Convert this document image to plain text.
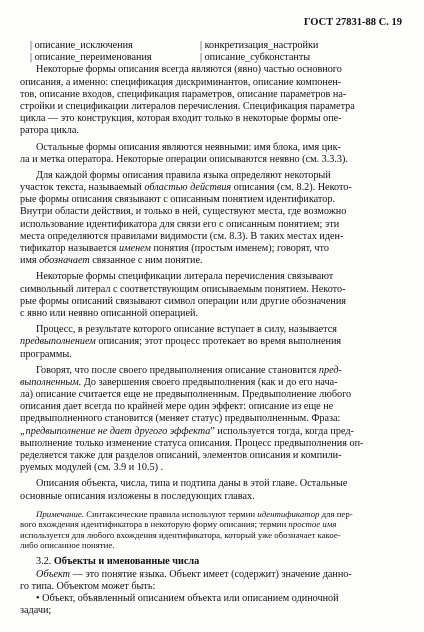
ГОСТ 27831-88 С. 19
| описание_исключения	| конкретизация_настройки
| описание_переименования	| описание_субконстанты
Некоторые формы описания всегда являются (явно) частью основного
описания, а именно: спецификация дискриминантов, описание компонен-
тов, описание входов, спецификация параметров, описание параметров на-
стройки и спецификации литералов перечисления. Спецификация параметра
цикла — это конструкция, которая входит только в некоторые формы опе-
ратора цикла.
Остальные формы описания являются неявными: имя блока, имя цик-
ла и метка оператора. Некоторые операции описываются неявно (см. 3.3.3).
Для каждой формы описания правила языка определяют некоторый
участок текста, называемый областью действия описания (см. 8.2). Некото-
рые формы описания связывают с описанным понятием идентификатор.
Внутри области действия, и только в ней, существуют места, где возможно
использование идентификатора для связи его с описанным понятием; эти
места определяются правилами видимости (см. 8.3). В таких местах иден-
тификатор называется именем понятия (простым именем); говорят, что
имя обозначает связанное с ним понятие.
Некоторые формы спецификации литерала перечисления связывают
символьный литерал с соответствующим описываемым понятием. Некото-
рые формы описаний связывают символ операции или другие обозначения
с явно или неявно описанной операцией.
Процесс, в результате которого описание вступает в силу, называется
предвыполнением описания; этот процесс протекает во время выполнения
программы.
Говорят, что после своего предвыполнения описание становится пред-
выполненным. До завершения своего предвыполнения (как и до его нача-
ла) описание считается еще не предвыполненным. Предвыполнение любого
описания дает всегда по крайней мере один эффект: описание из еще не
предвыполненного становится (меняет статус) предвыполненным. Фраза:
„предвыполнение не дает другого эффекта” используется тогда, когда пред-
выполнение только изменение статуса описания. Процесс предвыполнения оп-
ределяется также для разделов описаний, элементов описания и компили-
руемых модулей (см. 3.9 и 10.5) .
Описания объекта, числа, типа и подтипа даны в этой главе. Остальные
основные описания изложены в последующих главах.
Примечание. Синтаксические правила используют термин идентификатор для пер-
вого вхождения идентификатора в некоторую форму описания; термин простое имя
используется для любого вхождения идентификатора, который уже обозначает какое-
либо описанное понятие.
3.2. Объекты и именованные числа
Объект — это понятие языка. Объект имеет (содержит) значение данно-
го типа. Объектом может быть:
• Объект, объявленный описанием объекта или описанием одиночной
задачи;
